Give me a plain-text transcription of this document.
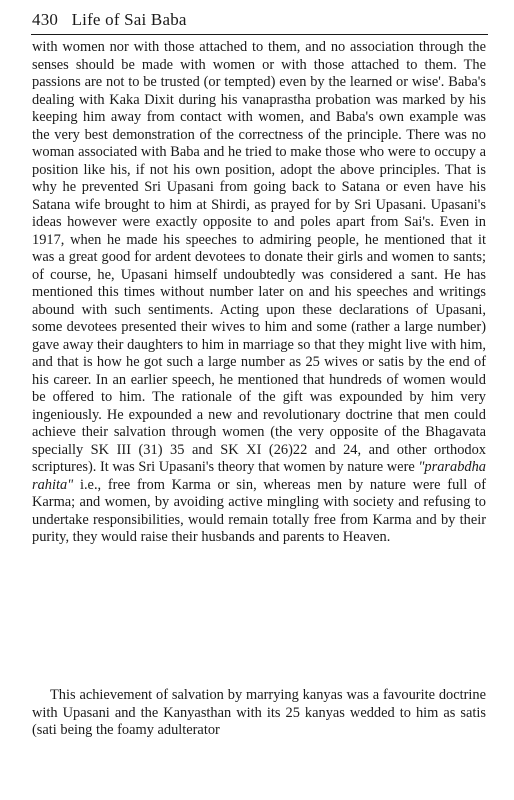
430 Life of Sai Baba

with women nor with those attached to them, and no association through the senses should be made with women or with those attached to them. The passions are not to be trusted (or tempted) even by the learned or wise'. Baba's dealing with Kaka Dixit during his vanaprastha probation was marked by his keeping him away from contact with women, and Baba's own example was the very best demonstration of the correctness of the principle. There was no woman associated with Baba and he tried to make those who were to occupy a position like his, if not his own position, adopt the above principles. That is why he prevented Sri Upasani from going back to Satana or even have his Satana wife brought to him at Shirdi, as prayed for by Sri Upasani. Upasani's ideas however were exactly opposite to and poles apart from Sai's. Even in 1917, when he made his speeches to admiring people, he mentioned that it was a great good for ardent devotees to donate their girls and women to sants; of course, he, Upasani himself undoubtedly was considered a sant. He has mentioned this times without number later on and his speeches and writings abound with such sentiments. Acting upon these declarations of Upasani, some devotees presented their wives to him and some (rather a large number) gave away their daughters to him in marriage so that they might live with him, and that is how he got such a large number as 25 wives or satis by the end of his career. In an earlier speech, he mentioned that hundreds of women would be offered to him. The rationale of the gift was expounded by him very ingeniously. He expounded a new and revolutionary doctrine that men could achieve their salvation through women (the very opposite of the Bhagavata specially SK III (31) 35 and SK XI (26)22 and 24, and other orthodox scriptures). It was Sri Upasani's theory that women by nature were "prarabdha rahita" i.e., free from Karma or sin, whereas men by nature were full of Karma; and women, by avoiding active mingling with society and refusing to undertake responsibilities, would remain totally free from Karma and by their purity, they would raise their husbands and parents to Heaven.

This achievement of salvation by marrying kanyas was a favourite doctrine with Upasani and the Kanyasthan with its 25 kanyas wedded to him as satis (sati being the foamy adulterator
